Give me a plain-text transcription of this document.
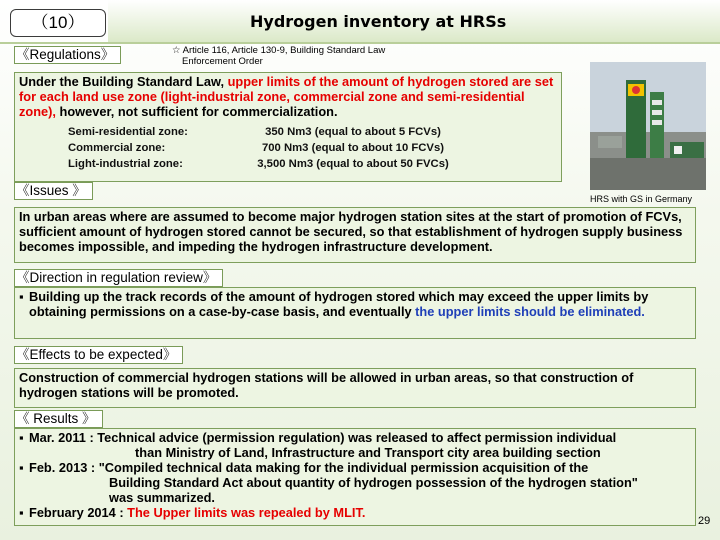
（10）	Hydrogen inventory at HRSs
《Regulations》	☆ Article 116, Article 130-9, Building Standard Law
Enforcement Order
Under the Building Standard Law, upper limits of the amount of hydrogen stored are set for each land use zone (light-industrial zone, commercial zone and semi-residential zone), however, not sufficient for commercialization.
Semi-residential zone:	350 Nm3 (equal to about 5 FCVs)
Commercial zone:	700 Nm3 (equal to about 10 FCVs)
Light-industrial zone:	3,500 Nm3 (equal to about 50 FVCs)
HRS with GS in Germany
《Issues 》
In urban areas where are assumed to become major hydrogen station sites at the start of promotion of FCVs, sufficient amount of hydrogen stored cannot be secured, so that establishment of hydrogen supply business becomes impossible, and impeding the hydrogen infrastructure development.
《Direction in regulation review》
▪ Building up the track records of the amount of hydrogen stored which may exceed the upper limits by obtaining permissions on a case-by-case basis, and eventually the upper limits should be eliminated.
《Effects to be expected》
Construction of commercial hydrogen stations will be allowed in urban areas, so that construction of hydrogen stations will be promoted.
《 Results 》
▪ Mar. 2011 : Technical advice (permission regulation) was released to affect permission individual
than Ministry of Land, Infrastructure and Transport city area building section
▪ Feb. 2013 : "Compiled technical data making for the individual permission acquisition of the
Building Standard Act about quantity of hydrogen possession of the hydrogen station"
was summarized.
▪ February 2014 : The Upper limits was repealed by MLIT.
29
